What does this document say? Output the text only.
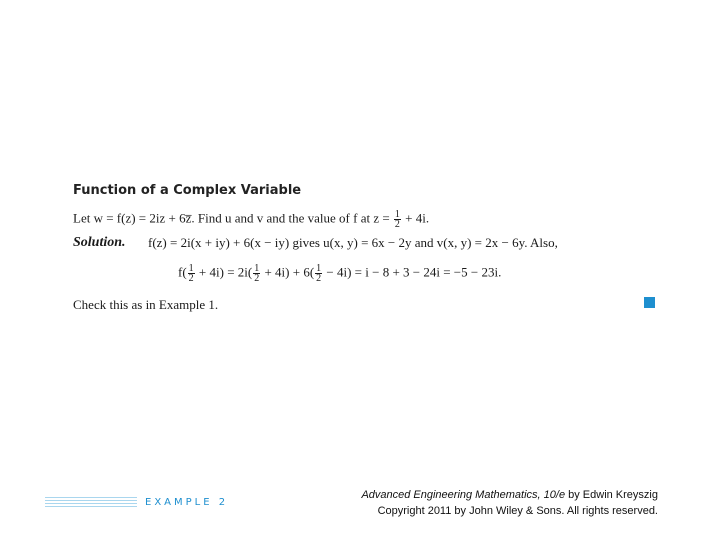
Function of a Complex Variable
Let w = f(z) = 2iz + 6z̅. Find u and v and the value of f at $z = \frac{1}{2} + 4i$.
Solution. f(z) = 2i(x + iy) + 6(x − iy) gives u(x, y) = 6x − 2y and v(x, y) = 2x − 6y. Also,
$f( \frac{1}{2} + 4i) = 2i( \frac{1}{2} + 4i) + 6( \frac{1}{2} - 4i) = i - 8 + 3 - 24i = -5 - 23i$.
Check this as in Example 1.
EXAMPLE 2
Advanced Engineering Mathematics, 10/e by Edwin Kreyszig
Copyright 2011 by John Wiley & Sons. All rights reserved.
